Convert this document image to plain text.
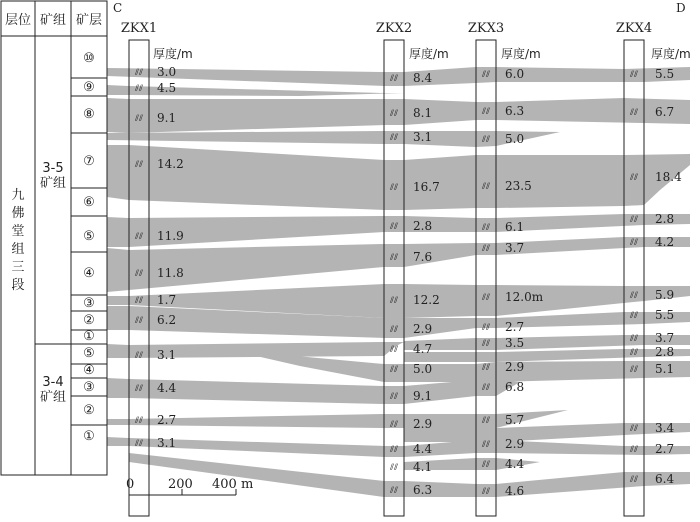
层位 矿组 矿层
九
佛
堂
组
三
段
3-5
矿组
3-4
矿组
⑩
⑨
⑧
⑦
⑥
⑤
④
③
②
①
⑤
④
③
②
①
C	D
ZKX1
厚度/m
⫽⫽ 3.0
⫽⫽ 4.5
⫽⫽ 9.1
⫽⫽ 14.2
⫽⫽ 11.9
⫽⫽ 11.8
⫽⫽ 1.7
⫽⫽ 6.2
⫽⫽ 3.1
⫽⫽ 4.4
⫽⫽ 2.7
⫽⫽ 3.1
ZKX2
厚度/m
⫽⫽ 8.4
⫽⫽ 8.1
⫽⫽ 3.1
⫽⫽ 16.7
⫽⫽ 2.8
⫽⫽ 7.6
⫽⫽ 12.2
⫽⫽ 2.9
⫽⫽ 4.7
⫽⫽ 5.0
⫽⫽ 9.1
⫽⫽ 2.9
⫽⫽ 4.4
⫽⫽ 4.1
⫽⫽ 6.3
ZKX3
厚度/m
⫽⫽ 6.0
⫽⫽ 6.3
⫽⫽ 5.0
⫽⫽ 23.5
⫽⫽ 6.1
⫽⫽ 3.7
⫽⫽ 12.0m
⫽⫽ 2.7
⫽⫽ 3.5
⫽⫽ 2.9
⫽⫽ 6.8
⫽⫽ 5.7
⫽⫽ 2.9
⫽⫽ 4.4
⫽⫽ 4.6
ZKX4
厚度/m
⫽⫽ 5.5
⫽⫽ 6.7
⫽⫽ 18.4
⫽⫽ 2.8
⫽⫽ 4.2
⫽⫽ 5.9
⫽⫽ 5.5
⫽⫽ 3.7
⫽⫽ 2.8
⫽⫽ 5.1
⫽⫽ 3.4
⫽⫽ 2.7
⫽⫽ 6.4
0	200 400 m
